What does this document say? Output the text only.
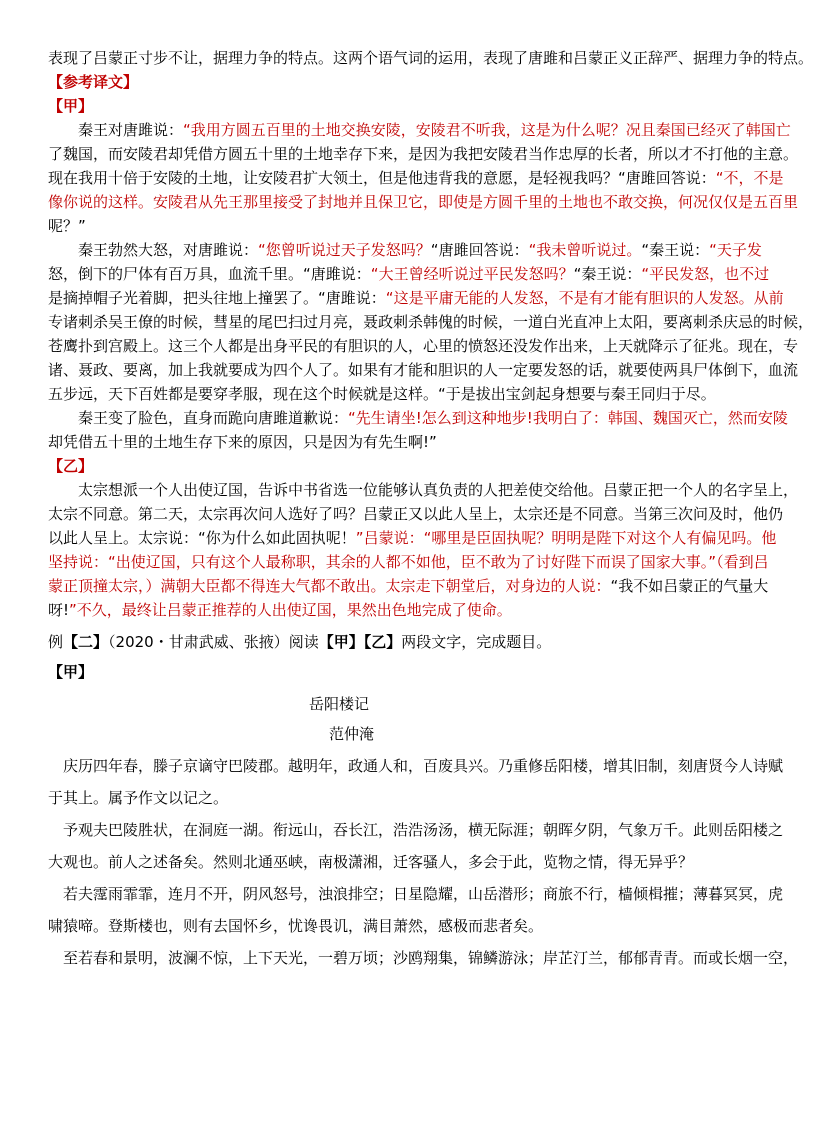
表现了吕蒙正寸步不让，据理力争的特点。这两个语气词的运用，表现了唐雎和吕蒙正义正辞严、据理力争的特点。
【参考译文】
【甲】
秦王对唐雎说：“我用方圆五百里的土地交换安陵，安陵君不听我，这是为什么呢？况且秦国已经灭了韩国亡
了魏国，而安陵君却凭借方圆五十里的土地幸存下来，是因为我把安陵君当作忠厚的长者，所以才不打他的主意。
现在我用十倍于安陵的土地，让安陵君扩大领土，但是他违背我的意愿，是轻视我吗？“唐雎回答说：“不，不是
像你说的这样。安陵君从先王那里接受了封地并且保卫它，即使是方圆千里的土地也不敢交换，何况仅仅是五百里
呢？”
秦王勃然大怒，对唐雎说：“您曾听说过天子发怒吗？“唐雎回答说：“我未曾听说过。“秦王说：“天子发
怒，倒下的尸体有百万具，血流千里。“唐雎说：“大王曾经听说过平民发怒吗？“秦王说：“平民发怒，也不过
是摘掉帽子光着脚，把头往地上撞罢了。“唐雎说：“这是平庸无能的人发怒，不是有才能有胆识的人发怒。从前
专诸刺杀吴王僚的时候，彗星的尾巴扫过月亮，聂政刺杀韩傀的时候，一道白光直冲上太阳，要离刺杀庆忌的时候，
苍鹰扑到宫殿上。这三个人都是出身平民的有胆识的人，心里的愤怒还没发作出来，上天就降示了征兆。现在，专
诸、聂政、要离，加上我就要成为四个人了。如果有才能和胆识的人一定要发怒的话，就要使两具尸体倒下，血流
五步远，天下百姓都是要穿孝服，现在这个时候就是这样。“于是拔出宝剑起身想要与秦王同归于尽。
秦王变了脸色，直身而跪向唐雎道歉说：“先生请坐!怎么到这种地步!我明白了：韩国、魏国灭亡，然而安陵
却凭借五十里的土地生存下来的原因，只是因为有先生啊!”
【乙】
太宗想派一个人出使辽国，告诉中书省选一位能够认真负责的人把差使交给他。吕蒙正把一个人的名字呈上，
太宗不同意。第二天，太宗再次问人选好了吗？吕蒙正又以此人呈上，太宗还是不同意。当第三次问及时，他仍
以此人呈上。太宗说：“你为什么如此固执呢！”吕蒙说：“哪里是臣固执呢？明明是陛下对这个人有偏见吗。他
坚持说：“出使辽国，只有这个人最称职，其余的人都不如他，臣不敢为了讨好陛下而误了国家大事。”（看到吕
蒙正顶撞太宗，）满朝大臣都不得连大气都不敢出。太宗走下朝堂后，对身边的人说：“我不如吕蒙正的气量大
呀!”不久，最终让吕蒙正推荐的人出使辽国，果然出色地完成了使命。
例【二】（2020・甘肃武威、张掖）阅读【甲】【乙】两段文字，完成题目。
【甲】
岳阳楼记
范仲淹
庆历四年春，滕子京谪守巴陵郡。越明年，政通人和，百废具兴。乃重修岳阳楼，增其旧制，刻唐贤今人诗赋
于其上。属予作文以记之。
予观夫巴陵胜状，在洞庭一湖。衔远山，吞长江，浩浩汤汤，横无际涯；朝晖夕阴，气象万千。此则岳阳楼之
大观也。前人之述备矣。然则北通巫峡，南极潇湘，迁客骚人，多会于此，览物之情，得无异乎？
若夫霪雨霏霏，连月不开，阴风怒号，浊浪排空；日星隐耀，山岳潜形；商旅不行，樯倾楫摧；薄暮冥冥，虎
啸猿啼。登斯楼也，则有去国怀乡，忧谗畏讥，满目萧然，感极而悲者矣。
至若春和景明，波澜不惊，上下天光，一碧万顷；沙鸥翔集，锦鳞游泳；岸芷汀兰，郁郁青青。而或长烟一空，
